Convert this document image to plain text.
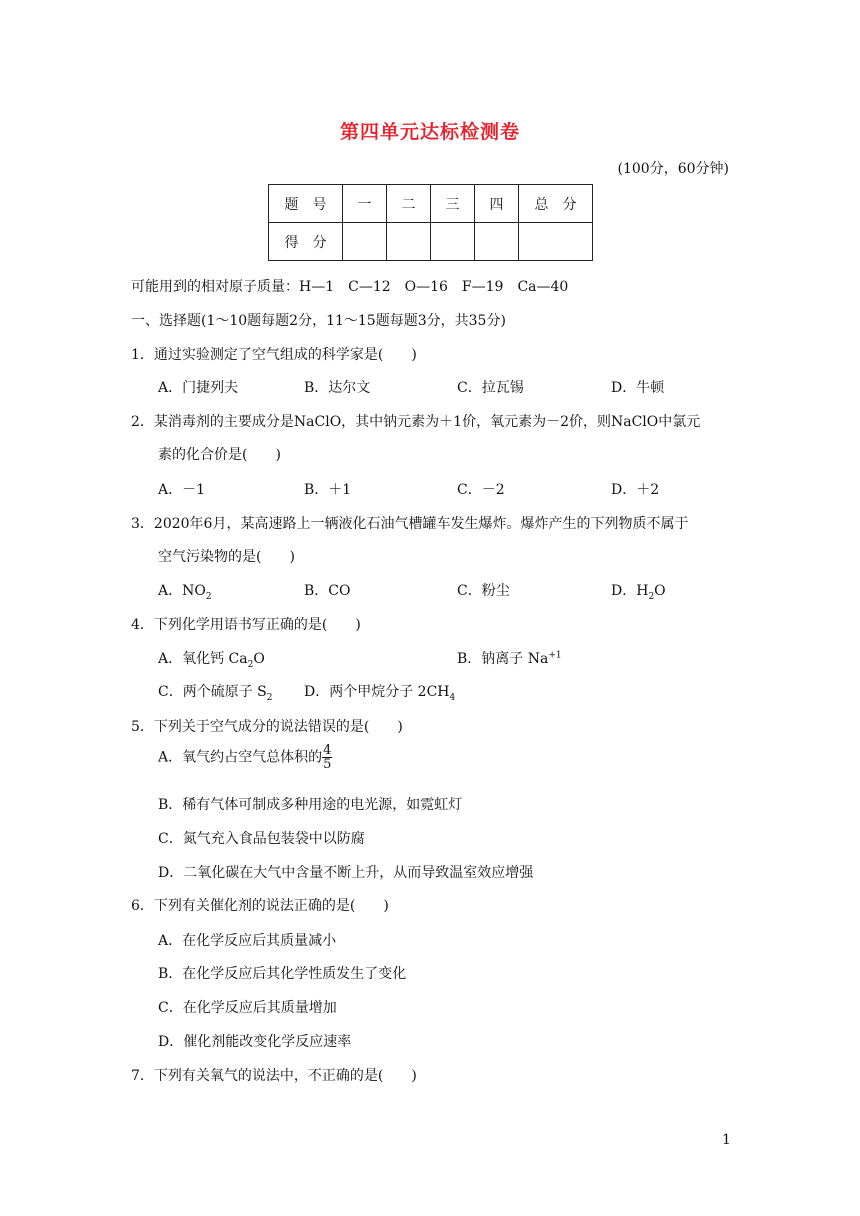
第四单元达标检测卷
(100分，60分钟)
题　号	一	二	三	四	总　分
得　分					
可能用到的相对原子质量：H—1　C—12　O—16　F—19　Ca—40
一、选择题(1～10题每题2分，11～15题每题3分，共35分)
1．通过实验测定了空气组成的科学家是(　　)
A．门捷列夫	B．达尔文	C．拉瓦锡	D．牛顿
2．某消毒剂的主要成分是NaClO，其中钠元素为＋1价，氧元素为－2价，则NaClO中氯元
素的化合价是(　　)
A．－1	B．＋1	C．－2	D．＋2
3．2020年6月，某高速路上一辆液化石油气槽罐车发生爆炸。爆炸产生的下列物质不属于
空气污染物的是(　　)
A．$NO_2$	B．CO	C．粉尘	D．$H_2O$
4．下列化学用语书写正确的是(　　)
A．氧化钙 $Ca_2O$	B．钠离子 $Na^{+1}$
C．两个硫原子 $S_2$ D．两个甲烷分子 $2CH_4$
5．下列关于空气成分的说法错误的是(　　)
A．氧气约占空气总体积的 $\frac{4}{5}$
B．稀有气体可制成多种用途的电光源，如霓虹灯
C．氮气充入食品包装袋中以防腐
D．二氧化碳在大气中含量不断上升，从而导致温室效应增强
6．下列有关催化剂的说法正确的是(　　)
A．在化学反应后其质量减小
B．在化学反应后其化学性质发生了变化
C．在化学反应后其质量增加
D．催化剂能改变化学反应速率
7．下列有关氧气的说法中，不正确的是(　　)
1
